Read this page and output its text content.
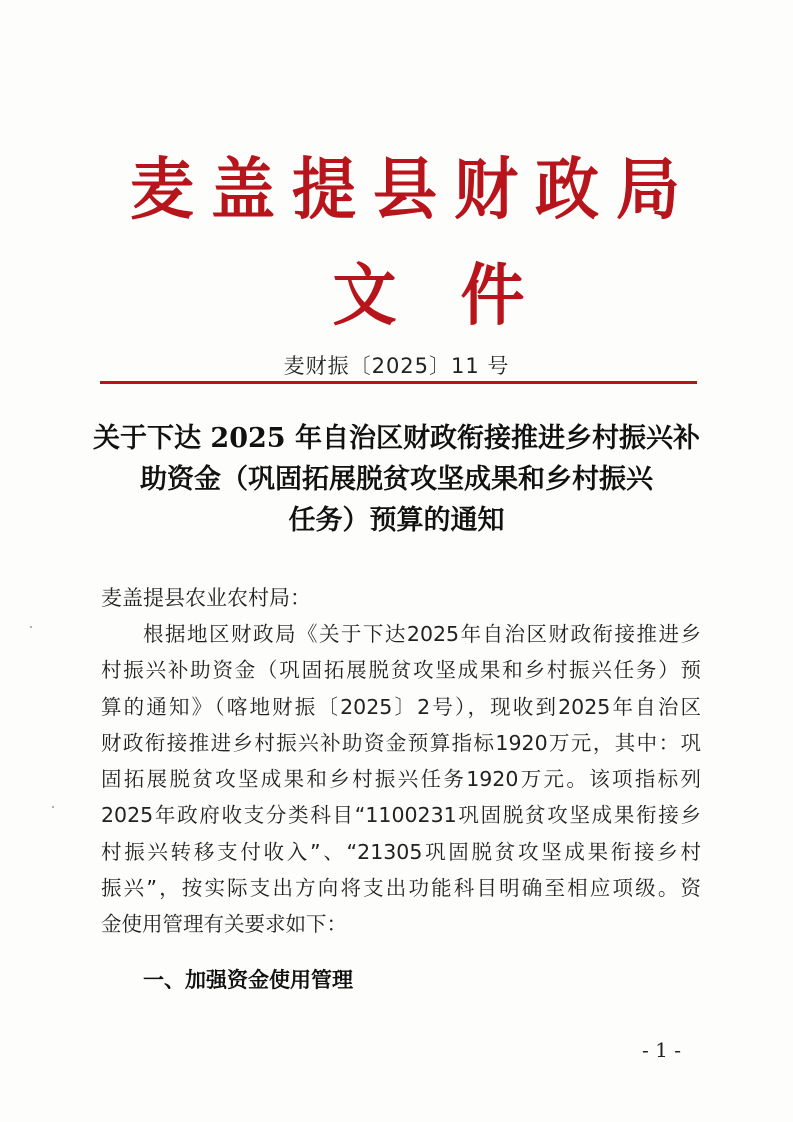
麦盖提县财政局
文件
麦财振〔2025〕11 号
关于下达 2025 年自治区财政衔接推进乡村振兴补
助资金（巩固拓展脱贫攻坚成果和乡村振兴
任务）预算的通知
麦盖提县农业农村局：
根据地区财政局《关于下达2025年自治区财政衔接推进乡
村振兴补助资金（巩固拓展脱贫攻坚成果和乡村振兴任务）预
算的通知》（喀地财振〔2025〕2号），现收到2025年自治区
财政衔接推进乡村振兴补助资金预算指标1920万元，其中：巩
固拓展脱贫攻坚成果和乡村振兴任务1920万元。该项指标列
2025年政府收支分类科目“1100231巩固脱贫攻坚成果衔接乡
村振兴转移支付收入”、“21305巩固脱贫攻坚成果衔接乡村
振兴”，按实际支出方向将支出功能科目明确至相应项级。资
金使用管理有关要求如下：
一、加强资金使用管理
- 1 -
